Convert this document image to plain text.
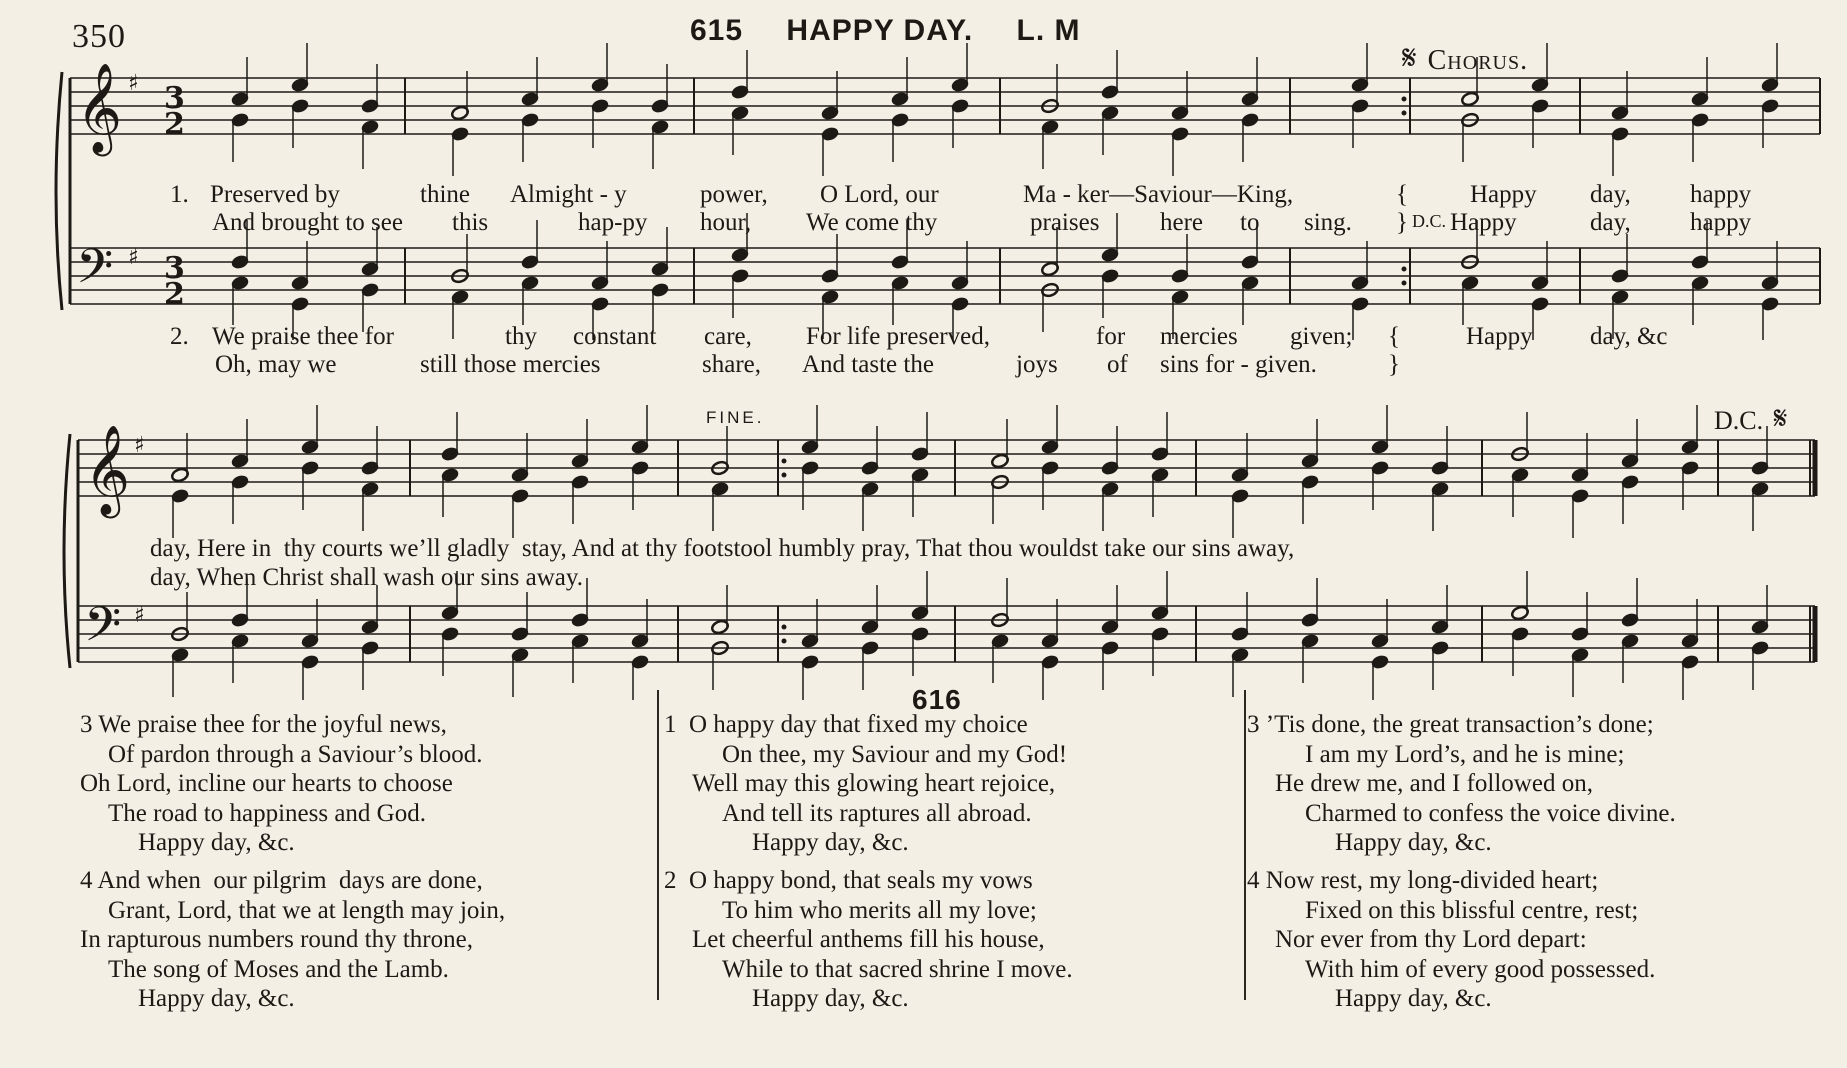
350	615 HAPPY DAY. L. M
𝄋 Chorus.
𝄞
𝄢
♯
♯
3
2
3
2
𝄞
𝄢
♯
♯
1. Preserved by	thine Almight - y	power, O Lord, our	Ma - ker—Saviour—King,	{ Happy day, happy
And brought to see this	hap-py hour, We come thy	praises here to sing. } D.C. Happy	day, happy
2. We praise thee for	thy constant care, For life preserved,	for mercies given; {	Happy day, &c
Oh, may we	still those mercies	share, And taste the	joys of sins for - given.	}
FINE.	D.C. 𝄋
day, Here in  thy courts we’ll gladly  stay, And at thy footstool humbly pray, That thou wouldst take our sins away,
day, When Christ shall wash our sins away.
616
3 We praise thee for the joyful news,
Of pardon through a Saviour’s blood.
Oh Lord, incline our hearts to choose
The road to happiness and God.
Happy day, &c.
4 And when  our pilgrim  days are done,
Grant, Lord, that we at length may join,
In rapturous numbers round thy throne,
The song of Moses and the Lamb.
Happy day, &c.
1  O happy day that fixed my choice
On thee, my Saviour and my God!
Well may this glowing heart rejoice,
And tell its raptures all abroad.
Happy day, &c.
2  O happy bond, that seals my vows
To him who merits all my love;
Let cheerful anthems fill his house,
While to that sacred shrine I move.
Happy day, &c.
3 ’Tis done, the great transaction’s done;
I am my Lord’s, and he is mine;
He drew me, and I followed on,
Charmed to confess the voice divine.
Happy day, &c.
4 Now rest, my long-divided heart;
Fixed on this blissful centre, rest;
Nor ever from thy Lord depart:
With him of every good possessed.
Happy day, &c.
